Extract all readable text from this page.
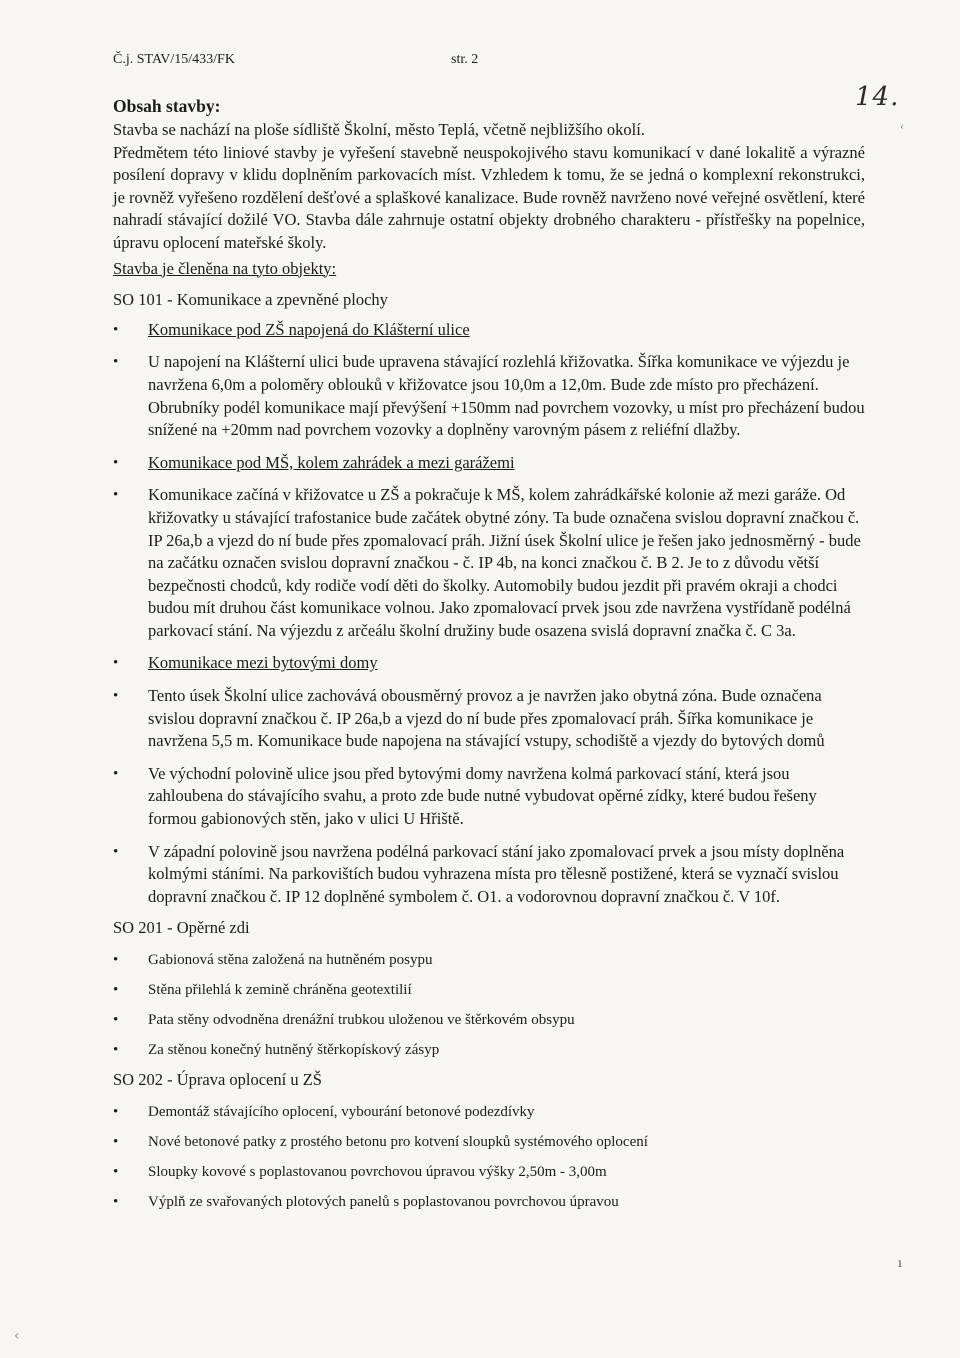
Č.j. STAV/15/433/FK	str. 2
14.
‹
ı
‹
Obsah stavby:

Stavba se nachází na ploše sídliště Školní, město Teplá, včetně nejbližšího okolí.

Předmětem této liniové stavby je vyřešení stavebně neuspokojivého stavu komunikací v dané lokalitě a výrazné posílení dopravy v klidu doplněním parkovacích míst. Vzhledem k tomu, že se jedná o komplexní rekonstrukci, je rovněž vyřešeno rozdělení dešťové a splaškové kanalizace. Bude rovněž navrženo nové veřejné osvětlení, které nahradí stávající dožilé VO. Stavba dále zahrnuje ostatní objekty drobného charakteru - přístřešky na popelnice, úpravu oplocení mateřské školy.

Stavba je členěna na tyto objekty:

SO 101 - Komunikace a zpevněné plochy

• Komunikace pod ZŠ napojená do Klášterní ulice
• U napojení na Klášterní ulici bude upravena stávající rozlehlá křižovatka. Šířka komunikace ve výjezdu je navržena 6,0m a poloměry oblouků v křižovatce jsou 10,0m a 12,0m. Bude zde místo pro přecházení. Obrubníky podél komunikace mají převýšení +150mm nad povrchem vozovky, u míst pro přecházení budou snížené na +20mm nad povrchem vozovky a doplněny varovným pásem z reliéfní dlažby.
• Komunikace pod MŠ, kolem zahrádek a mezi garážemi
• Komunikace začíná v křižovatce u ZŠ a pokračuje k MŠ, kolem zahrádkářské kolonie až mezi garáže. Od křižovatky u stávající trafostanice bude začátek obytné zóny. Ta bude označena svislou dopravní značkou č. IP 26a,b a vjezd do ní bude přes zpomalovací práh. Jižní úsek Školní ulice je řešen jako jednosměrný - bude na začátku označen svislou dopravní značkou - č. IP 4b, na konci značkou č. B 2. Je to z důvodu větší bezpečnosti chodců, kdy rodiče vodí děti do školky. Automobily budou jezdit při pravém okraji a chodci budou mít druhou část komunikace volnou. Jako zpomalovací prvek jsou zde navržena vystřídaně podélná parkovací stání. Na výjezdu z arčeálu školní družiny bude osazena svislá dopravní značka č. C 3a.
• Komunikace mezi bytovými domy
• Tento úsek Školní ulice zachovává obousměrný provoz a je navržen jako obytná zóna. Bude označena svislou dopravní značkou č. IP 26a,b a vjezd do ní bude přes zpomalovací práh. Šířka komunikace je navržena 5,5 m. Komunikace bude napojena na stávající vstupy, schodiště a vjezdy do bytových domů
• Ve východní polovině ulice jsou před bytovými domy navržena kolmá parkovací stání, která jsou zahloubena do stávajícího svahu, a proto zde bude nutné vybudovat opěrné zídky, které budou řešeny formou gabionových stěn, jako v ulici U Hřiště.
• V západní polovině jsou navržena podélná parkovací stání jako zpomalovací prvek a jsou místy doplněna kolmými stáními. Na parkovištích budou vyhrazena místa pro tělesně postižené, která se vyznačí svislou dopravní značkou č. IP 12 doplněné symbolem č. O1. a vodorovnou dopravní značkou č. V 10f.

SO 201 - Opěrné zdi

• Gabionová stěna založená na hutněném posypu
• Stěna přilehlá k zemině chráněna geotextilií
• Pata stěny odvodněna drenážní trubkou uloženou ve štěrkovém obsypu
• Za stěnou konečný hutněný štěrkopískový zásyp

SO 202 - Úprava oplocení u ZŠ

• Demontáž stávajícího oplocení, vybourání betonové podezdívky
• Nové betonové patky z prostého betonu pro kotvení sloupků systémového oplocení
• Sloupky kovové s poplastovanou povrchovou úpravou výšky 2,50m - 3,00m
• Výplň ze svařovaných plotových panelů s poplastovanou povrchovou úpravou
